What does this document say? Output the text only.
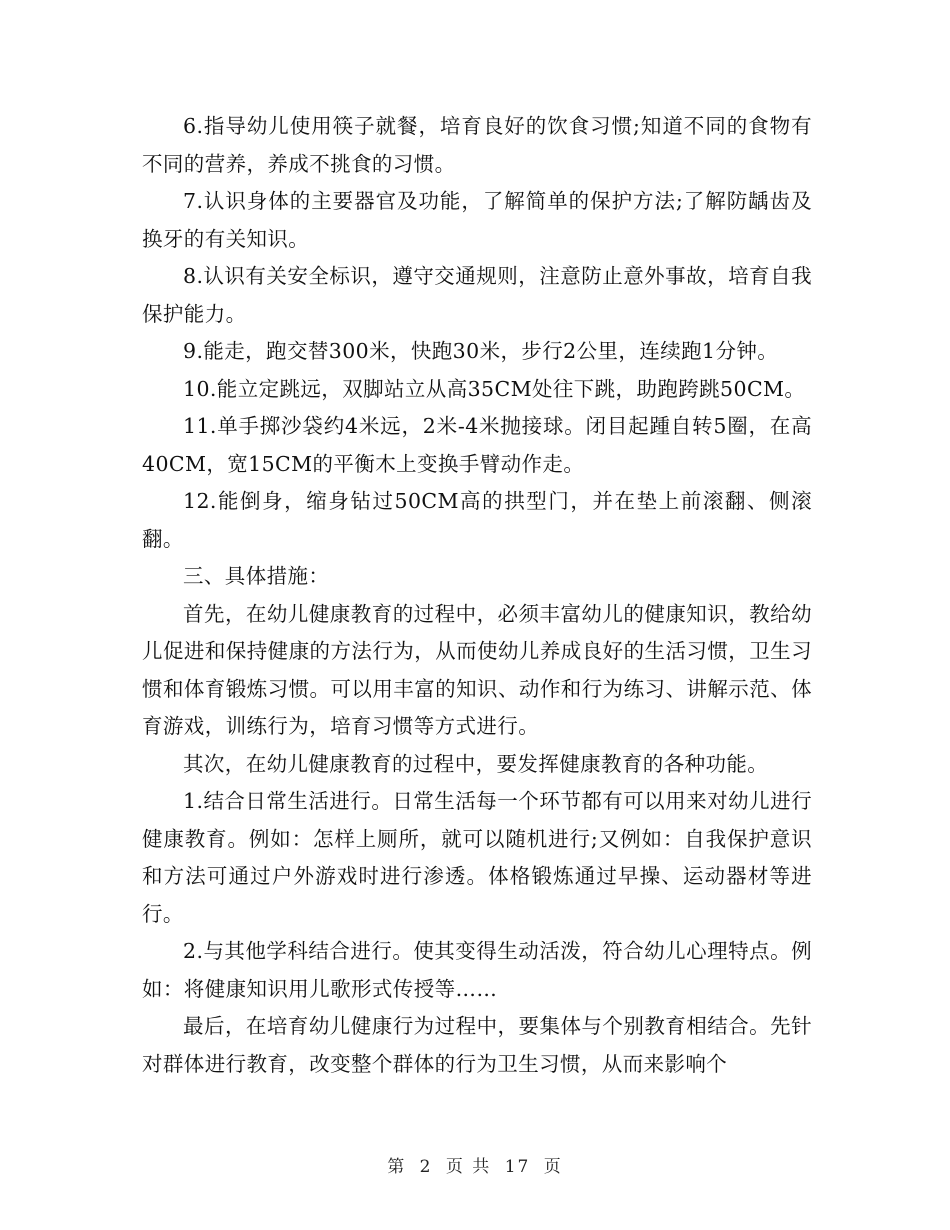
6.指导幼儿使用筷子就餐，培育良好的饮食习惯;知道不同的食物有不同的营养，养成不挑食的习惯。

7.认识身体的主要器官及功能，了解简单的保护方法;了解防龋齿及换牙的有关知识。

8.认识有关安全标识，遵守交通规则，注意防止意外事故，培育自我保护能力。

9.能走，跑交替300米，快跑30米，步行2公里，连续跑1分钟。

10.能立定跳远，双脚站立从高35CM处往下跳，助跑跨跳50CM。

11.单手掷沙袋约4米远，2米-4米抛接球。闭目起踵自转5圈，在高40CM，宽15CM的平衡木上变换手臂动作走。

12.能倒身，缩身钻过50CM高的拱型门，并在垫上前滚翻、侧滚翻。

三、具体措施：

首先，在幼儿健康教育的过程中，必须丰富幼儿的健康知识，教给幼儿促进和保持健康的方法行为，从而使幼儿养成良好的生活习惯，卫生习惯和体育锻炼习惯。可以用丰富的知识、动作和行为练习、讲解示范、体育游戏，训练行为，培育习惯等方式进行。

其次，在幼儿健康教育的过程中，要发挥健康教育的各种功能。

1.结合日常生活进行。日常生活每一个环节都有可以用来对幼儿进行健康教育。例如：怎样上厕所，就可以随机进行;又例如：自我保护意识和方法可通过户外游戏时进行渗透。体格锻炼通过早操、运动器材等进行。

2.与其他学科结合进行。使其变得生动活泼，符合幼儿心理特点。例如：将健康知识用儿歌形式传授等……

最后，在培育幼儿健康行为过程中，要集体与个别教育相结合。先针对群体进行教育，改变整个群体的行为卫生习惯，从而来影响个

第 2 页 共 17 页
